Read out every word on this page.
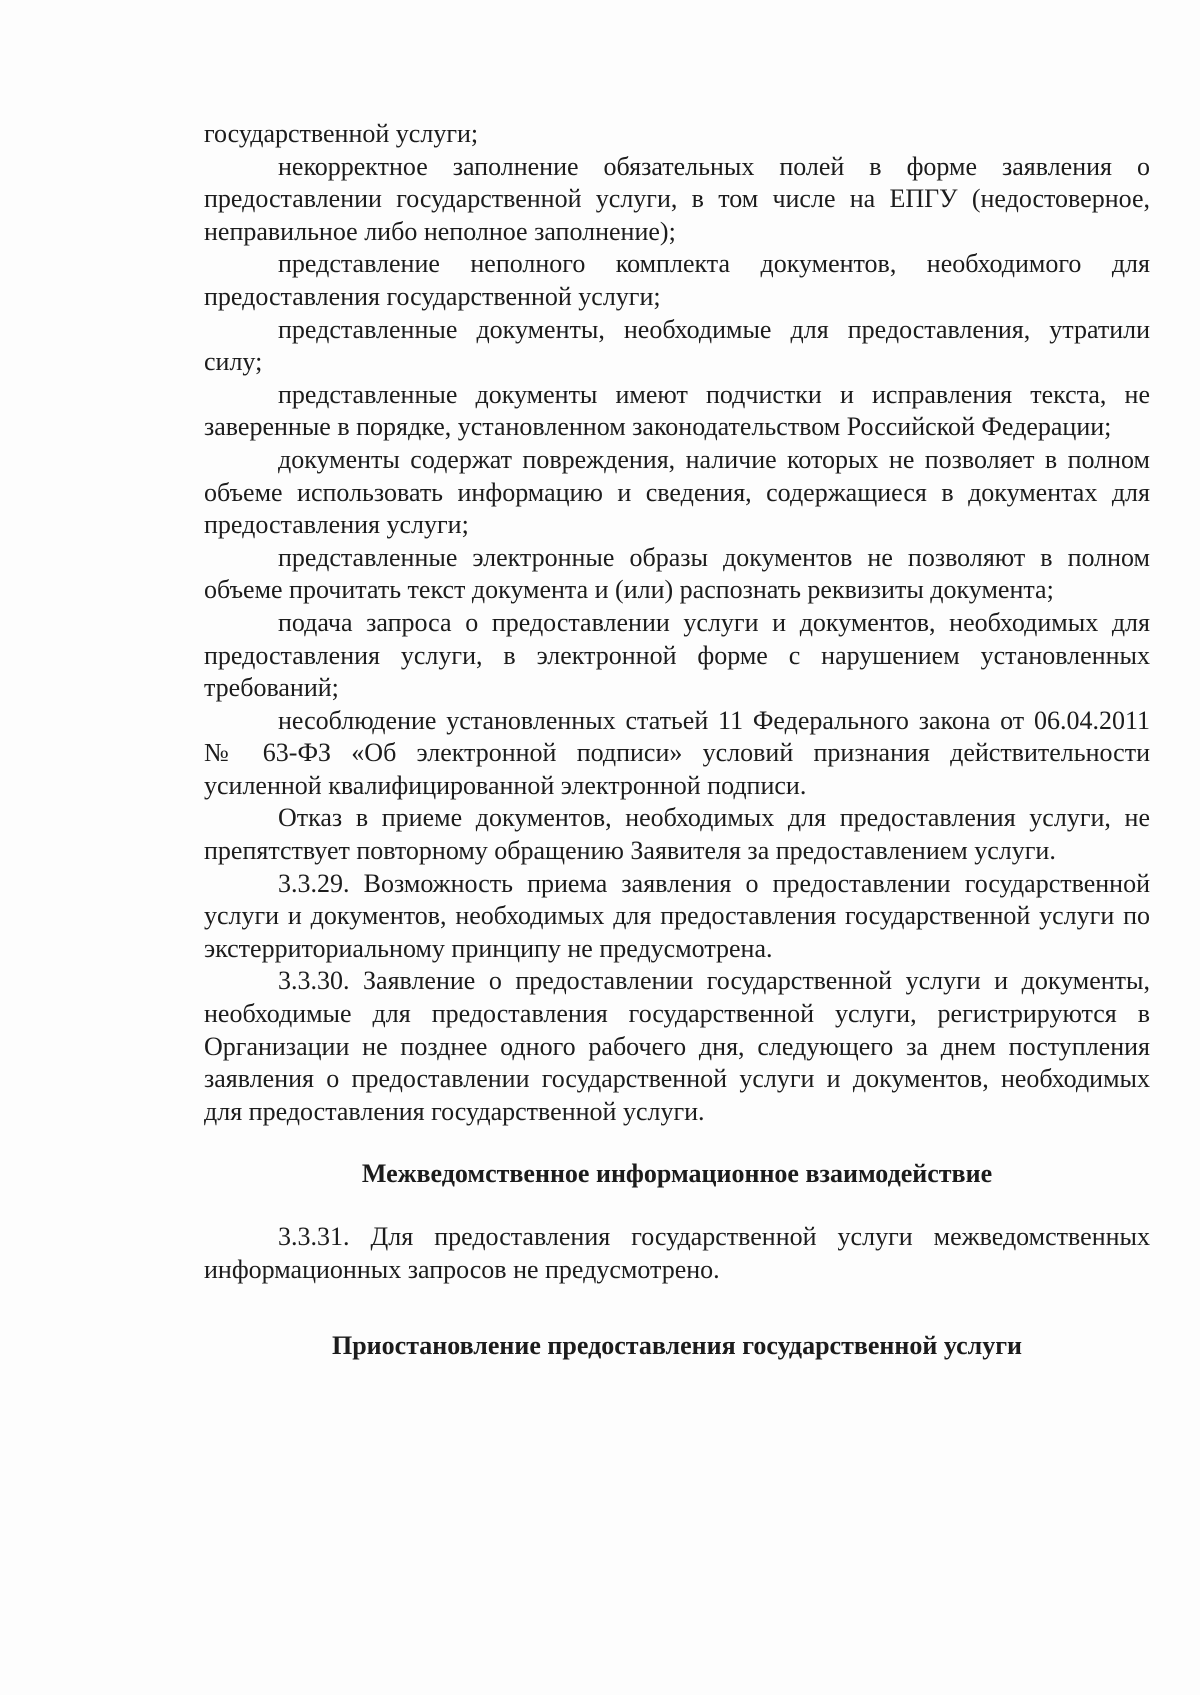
государственной услуги;

некорректное заполнение обязательных полей в форме заявления о предоставлении государственной услуги, в том числе на ЕПГУ (недостоверное, неправильное либо неполное заполнение);

представление неполного комплекта документов, необходимого для предоставления государственной услуги;

представленные документы, необходимые для предоставления, утратили силу;

представленные документы имеют подчистки и исправления текста, не заверенные в порядке, установленном законодательством Российской Федерации;

документы содержат повреждения, наличие которых не позволяет в полном объеме использовать информацию и сведения, содержащиеся в документах для предоставления услуги;

представленные электронные образы документов не позволяют в полном объеме прочитать текст документа и (или) распознать реквизиты документа;

подача запроса о предоставлении услуги и документов, необходимых для предоставления услуги, в электронной форме с нарушением установленных требований;

несоблюдение установленных статьей 11 Федерального закона от 06.04.2011 № 63-ФЗ «Об электронной подписи» условий признания действительности усиленной квалифицированной электронной подписи.

Отказ в приеме документов, необходимых для предоставления услуги, не препятствует повторному обращению Заявителя за предоставлением услуги.

3.3.29. Возможность приема заявления о предоставлении государственной услуги и документов, необходимых для предоставления государственной услуги по экстерриториальному принципу не предусмотрена.

3.3.30. Заявление о предоставлении государственной услуги и документы, необходимые для предоставления государственной услуги, регистрируются в Организации не позднее одного рабочего дня, следующего за днем поступления заявления о предоставлении государственной услуги и документов, необходимых для предоставления государственной услуги.

Межведомственное информационное взаимодействие

3.3.31. Для предоставления государственной услуги межведомственных информационных запросов не предусмотрено.

Приостановление предоставления государственной услуги
